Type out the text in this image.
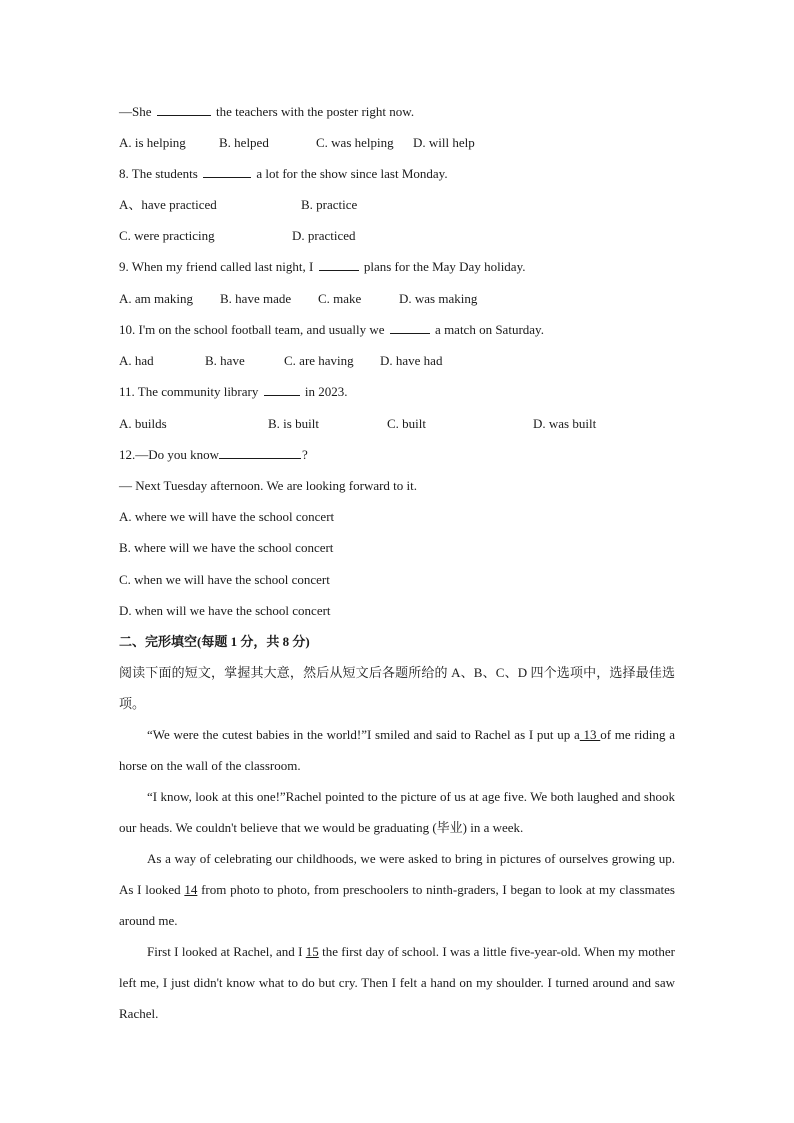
—She	the teachers with the poster right now.
A. is helping	B. helped	C. was helping D. will help
8. The students	a lot for the show since last Monday.
A、have practiced	B. practice
C. were practicing	D. practiced
9. When my friend called last night, I	plans for the May Day holiday.
A. am making B. have made C. make	D. was making
10. I'm on the school football team, and usually we	a match on Saturday.
A. had	B. have	C. are having D. have had
11. The community library	in 2023.
A. builds	B. is built	C. built	D. was built
12.—Do you know	?
— Next Tuesday afternoon. We are looking forward to it.
A. where we will have the school concert
B. where will we have the school concert
C. when we will have the school concert
D. when will we have the school concert
二、完形填空(每题 1 分，共 8 分)
阅读下面的短文，掌握其大意，然后从短文后各题所给的 A、B、C、D 四个选项中，选择最佳选项。

“We were the cutest babies in the world!”I smiled and said to Rachel as I put up a 13 of me riding a horse on the wall of the classroom.

“I know, look at this one!”Rachel pointed to the picture of us at age five. We both laughed and shook our heads. We couldn't believe that we would be graduating (毕业) in a week.

As a way of celebrating our childhoods, we were asked to bring in pictures of ourselves growing up. As I looked 14 from photo to photo, from preschoolers to ninth-graders, I began to look at my classmates around me.

First I looked at Rachel, and I 15 the first day of school. I was a little five-year-old. When my mother left me, I just didn't know what to do but cry. Then I felt a hand on my shoulder. I turned around and saw Rachel.
